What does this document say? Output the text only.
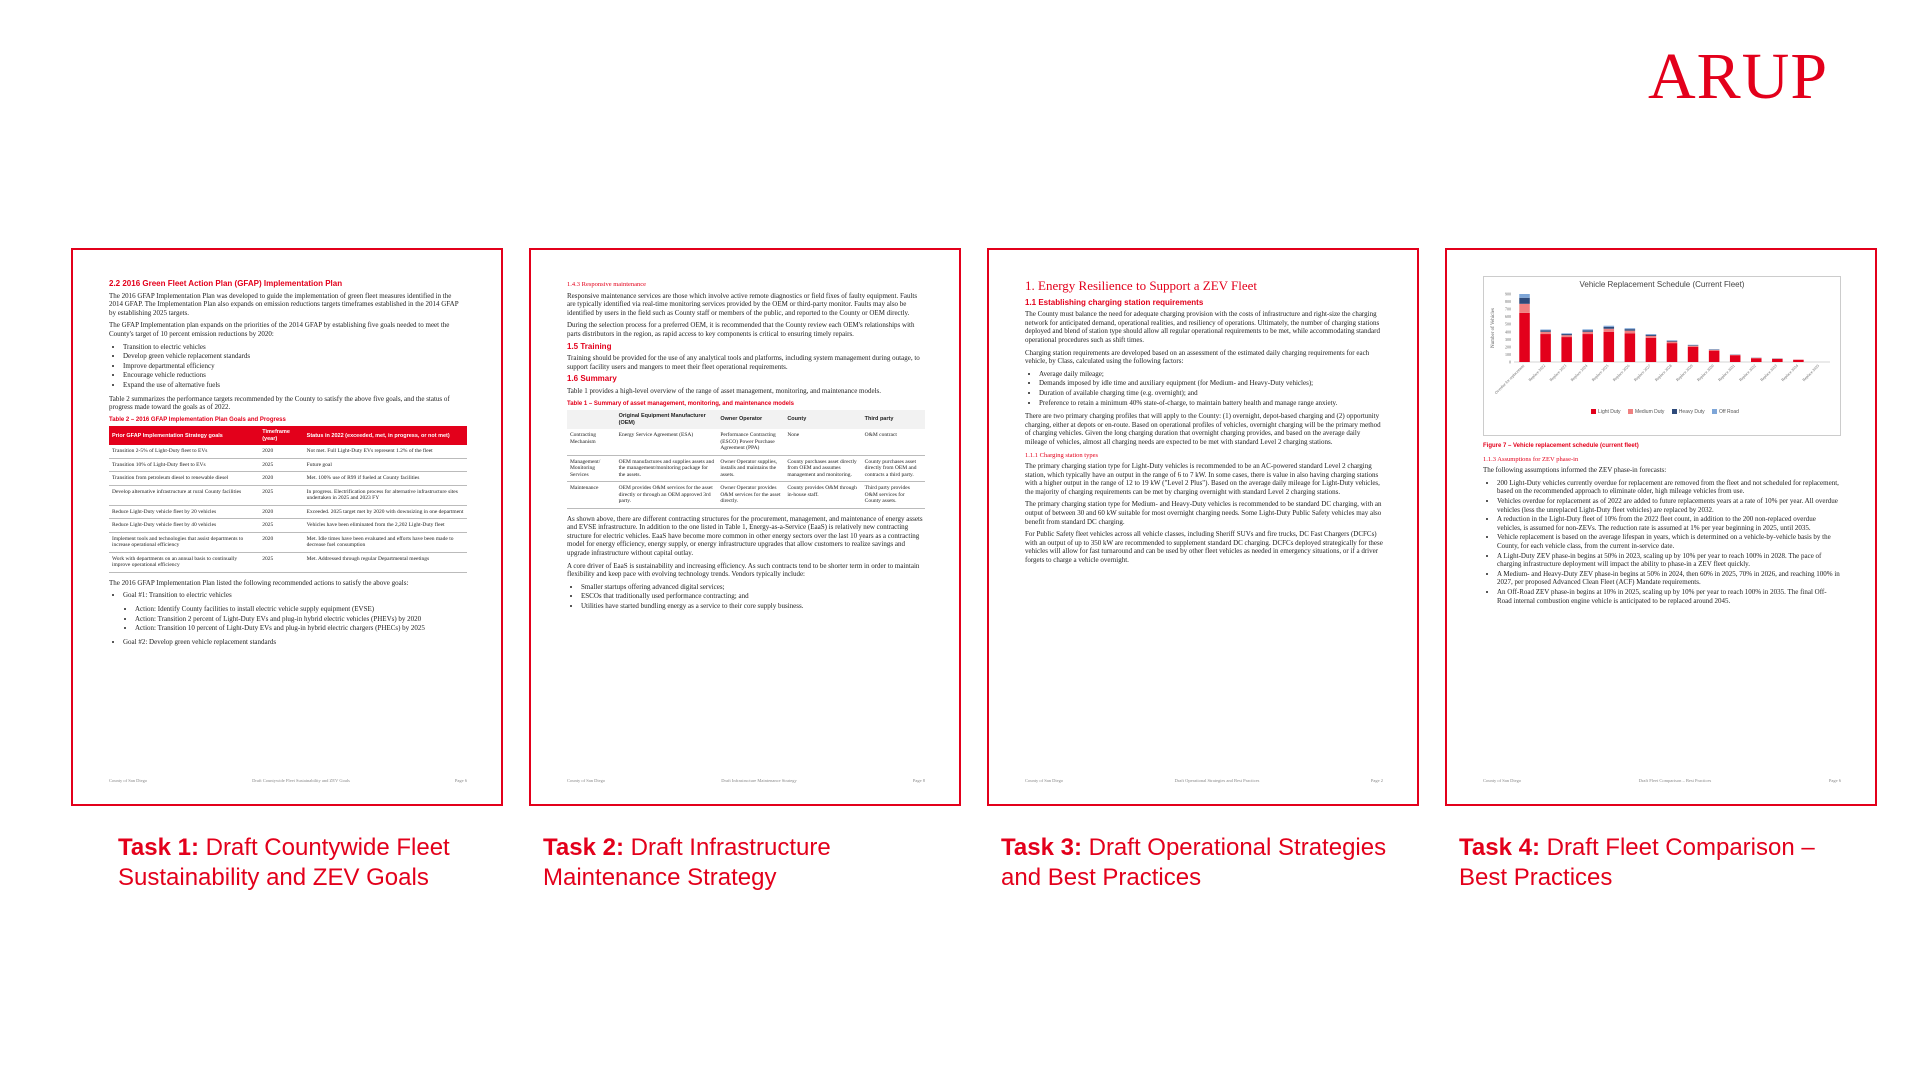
ARUP
2.2 2016 Green Fleet Action Plan (GFAP) Implementation Plan

The 2016 GFAP Implementation Plan was developed to guide the implementation of green fleet measures identified in the 2014 GFAP. The Implementation Plan also expands on emission reductions targets timeframes established in the 2014 GFAP by establishing 2025 targets.

The GFAP Implementation plan expands on the priorities of the 2014 GFAP by establishing five goals needed to meet the County's target of 10 percent emission reductions by 2020:

• Transition to electric vehicles
• Develop green vehicle replacement standards
• Improve departmental efficiency
• Encourage vehicle reductions
• Expand the use of alternative fuels

Table 2 summarizes the performance targets recommended by the County to satisfy the above five goals, and the status of progress made toward the goals as of 2022.

Table 2 – 2016 GFAP Implementation Plan Goals and Progress
Prior GFAP Implementation Strategy goals	Timeframe (year)	Status in 2022 (exceeded, met, in progress, or not met)
Transition 2-5% of Light-Duty fleet to EVs	2020	Not met. Full Light-Duty EVs represent 1.2% of the fleet
Transition 10% of Light-Duty fleet to EVs	2025	Future goal
Transition from petroleum diesel to renewable diesel	2020	Met. 100% use of R99 if fueled at County facilities
Develop alternative infrastructure at rural County facilities	2025	In progress. Electrification process for alternative infrastructure sites undertaken in 2025 and 2023 FY
Reduce Light-Duty vehicle fleet by 20 vehicles	2020	Exceeded. 2025 target met by 2020 with downsizing in one department
Reduce Light-Duty vehicle fleet by 40 vehicles	2025	Vehicles have been eliminated from the 2,202 Light-Duty fleet
Implement tools and technologies that assist departments to increase operational efficiency	2020	Met. Idle times have been evaluated and efforts have been made to decrease fuel consumption
Work with departments on an annual basis to continually improve operational efficiency	2025	Met. Addressed through regular Departmental meetings

The 2016 GFAP Implementation Plan listed the following recommended actions to satisfy the above goals:

• Goal #1: Transition to electric vehicles
• Action: Identify County facilities to install electric vehicle supply equipment (EVSE)
• Action: Transition 2 percent of Light-Duty EVs and plug-in hybrid electric vehicles (PHEVs) by 2020
• Action: Transition 10 percent of Light-Duty EVs and plug-in hybrid electric chargers (PHECs) by 2025
• Goal #2: Develop green vehicle replacement standards
County of San Diego	Draft Countywide Fleet Sustainability and ZEV Goals	Page 6
1.4.3 Responsive maintenance

Responsive maintenance services are those which involve active remote diagnostics or field fixes of faulty equipment. Faults are typically identified via real-time monitoring services provided by the OEM or third-party monitor. Faults may also be identified by users in the field such as County staff or members of the public, and reported to the County or OEM directly.

During the selection process for a preferred OEM, it is recommended that the County review each OEM's relationships with parts distributors in the region, as rapid access to key components is critical to ensuring timely repairs.

1.5 Training

Training should be provided for the use of any analytical tools and platforms, including system management during outage, to support facility users and mangers to meet their fleet operational requirements.

1.6 Summary

Table 1 provides a high-level overview of the range of asset management, monitoring, and maintenance models.

Table 1 – Summary of asset management, monitoring, and maintenance models
	Original Equipment Manufacturer (OEM)	Owner Operator	County	Third party
Contracting Mechanism	Energy Service Agreement (ESA)	Performance Contracting (ESCO) Power Purchase Agreement (PPA)	None	O&M contract
Management/ Monitoring Services	OEM manufactures and supplies assets and the management/monitoring package for the assets.	Owner Operator supplies, installs and maintains the assets.	County purchases asset directly from OEM and assumes management and monitoring.	County purchases asset directly from OEM and contracts a third party.
Maintenance	OEM provides O&M services for the asset directly or through an OEM approved 3rd party.	Owner Operator provides O&M services for the asset directly.	County provides O&M through in-house staff.	Third party provides O&M services for County assets.

As shown above, there are different contracting structures for the procurement, management, and maintenance of energy assets and EVSE infrastructure. In addition to the one listed in Table 1, Energy-as-a-Service (EaaS) is relatively new contracting structure for electric vehicles. EaaS have become more common in other energy sectors over the last 10 years as a contracting model for energy efficiency, energy supply, or energy infrastructure upgrades that allow customers to realize savings and upgrade infrastructure without capital outlay.

A core driver of EaaS is sustainability and increasing efficiency. As such contracts tend to be shorter term in order to maintain flexibility and keep pace with evolving technology trends. Vendors typically include:

• Smaller startups offering advanced digital services;
• ESCOs that traditionally used performance contracting; and
• Utilities have started bundling energy as a service to their core supply business.
County of San Diego	Draft Infrastructure Maintenance Strategy	Page 8
1. Energy Resilience to Support a ZEV Fleet
1.1 Establishing charging station requirements

The County must balance the need for adequate charging provision with the costs of infrastructure and right-size the charging network for anticipated demand, operational realities, and resiliency of operations. Ultimately, the number of charging stations deployed and blend of station type should allow all regular operational requirements to be met, while accommodating standard operational procedures such as shift times.

Charging station requirements are developed based on an assessment of the estimated daily charging requirements for each vehicle, by Class, calculated using the following factors:

• Average daily mileage;
• Demands imposed by idle time and auxiliary equipment (for Medium- and Heavy-Duty vehicles);
• Duration of available charging time (e.g. overnight); and
• Preference to retain a minimum 40% state-of-charge, to maintain battery health and manage range anxiety.

There are two primary charging profiles that will apply to the County: (1) overnight, depot-based charging and (2) opportunity charging, either at depots or en-route. Based on operational profiles of vehicles, overnight charging will be the primary method of charging vehicles. Given the long charging duration that overnight charging provides, and based on the average daily mileage of vehicles, almost all charging needs are expected to be met with standard Level 2 charging stations.

1.1.1 Charging station types

The primary charging station type for Light-Duty vehicles is recommended to be an AC-powered standard Level 2 charging station, which typically have an output in the range of 6 to 7 kW. In some cases, there is value in also having charging stations with a higher output in the range of 12 to 19 kW ("Level 2 Plus"). Based on the average daily mileage for Light-Duty vehicles, the majority of charging requirements can be met by charging overnight with standard Level 2 charging stations.

The primary charging station type for Medium- and Heavy-Duty vehicles is recommended to be standard DC charging, with an output of between 30 and 60 kW suitable for most overnight charging needs. Some Light-Duty Public Safety vehicles may also benefit from standard DC charging.

For Public Safety fleet vehicles across all vehicle classes, including Sheriff SUVs and fire trucks, DC Fast Chargers (DCFCs) with an output of up to 350 kW are recommended to supplement standard DC charging. DCFCs deployed strategically for these vehicles will allow for fast turnaround and can be used by other fleet vehicles as needed in emergency situations, or if a driver forgets to charge a vehicle overnight.

County of San Diego	Draft Operational Strategies and Best Practices	Page 2
Vehicle Replacement Schedule (Current Fleet)
Number of Vehicles
0
100
200
300
400
500
600
700
800
900
Overdue for replacement Replace 2022 Replace 2023 Replace 2024 Replace 2025 Replace 2026 Replace 2027 Replace 2028 Replace 2029 Replace 2030 Replace 2031 Replace 2032 Replace 2033 Replace 2034 Replace 2035
Light Duty	Medium Duty	Heavy Duty	Off Road
Figure 7 – Vehicle replacement schedule (current fleet)
1.1.3 Assumptions for ZEV phase-in

The following assumptions informed the ZEV phase-in forecasts:

• 200 Light-Duty vehicles currently overdue for replacement are removed from the fleet and not scheduled for replacement, based on the recommended approach to eliminate older, high mileage vehicles from use.
• Vehicles overdue for replacement as of 2022 are added to future replacements years at a rate of 10% per year. All overdue vehicles (less the unreplaced Light-Duty fleet vehicles) are replaced by 2032.
• A reduction in the Light-Duty fleet of 10% from the 2022 fleet count, in addition to the 200 non-replaced overdue vehicles, is assumed for non-ZEVs. The reduction rate is assumed at 1% per year beginning in 2025, until 2035.
• Vehicle replacement is based on the average lifespan in years, which is determined on a vehicle-by-vehicle basis by the County, for each vehicle class, from the current in-service date.
• A Light-Duty ZEV phase-in begins at 50% in 2023, scaling up by 10% per year to reach 100% in 2028. The pace of charging infrastructure deployment will impact the ability to phase-in a ZEV fleet quickly.
• A Medium- and Heavy-Duty ZEV phase-in begins at 50% in 2024, then 60% in 2025, 70% in 2026, and reaching 100% in 2027, per proposed Advanced Clean Fleet (ACF) Mandate requirements.
• An Off-Road ZEV phase-in begins at 10% in 2025, scaling up by 10% per year to reach 100% in 2035. The final Off-Road internal combustion engine vehicle is anticipated to be replaced around 2045.
County of San Diego	Draft Fleet Comparison – Best Practices	Page 6
Task 1: Draft Countywide Fleet Sustainability and ZEV Goals
Task 2: Draft Infrastructure Maintenance Strategy
Task 3: Draft Operational Strategies and Best Practices
Task 4: Draft Fleet Comparison – Best Practices
